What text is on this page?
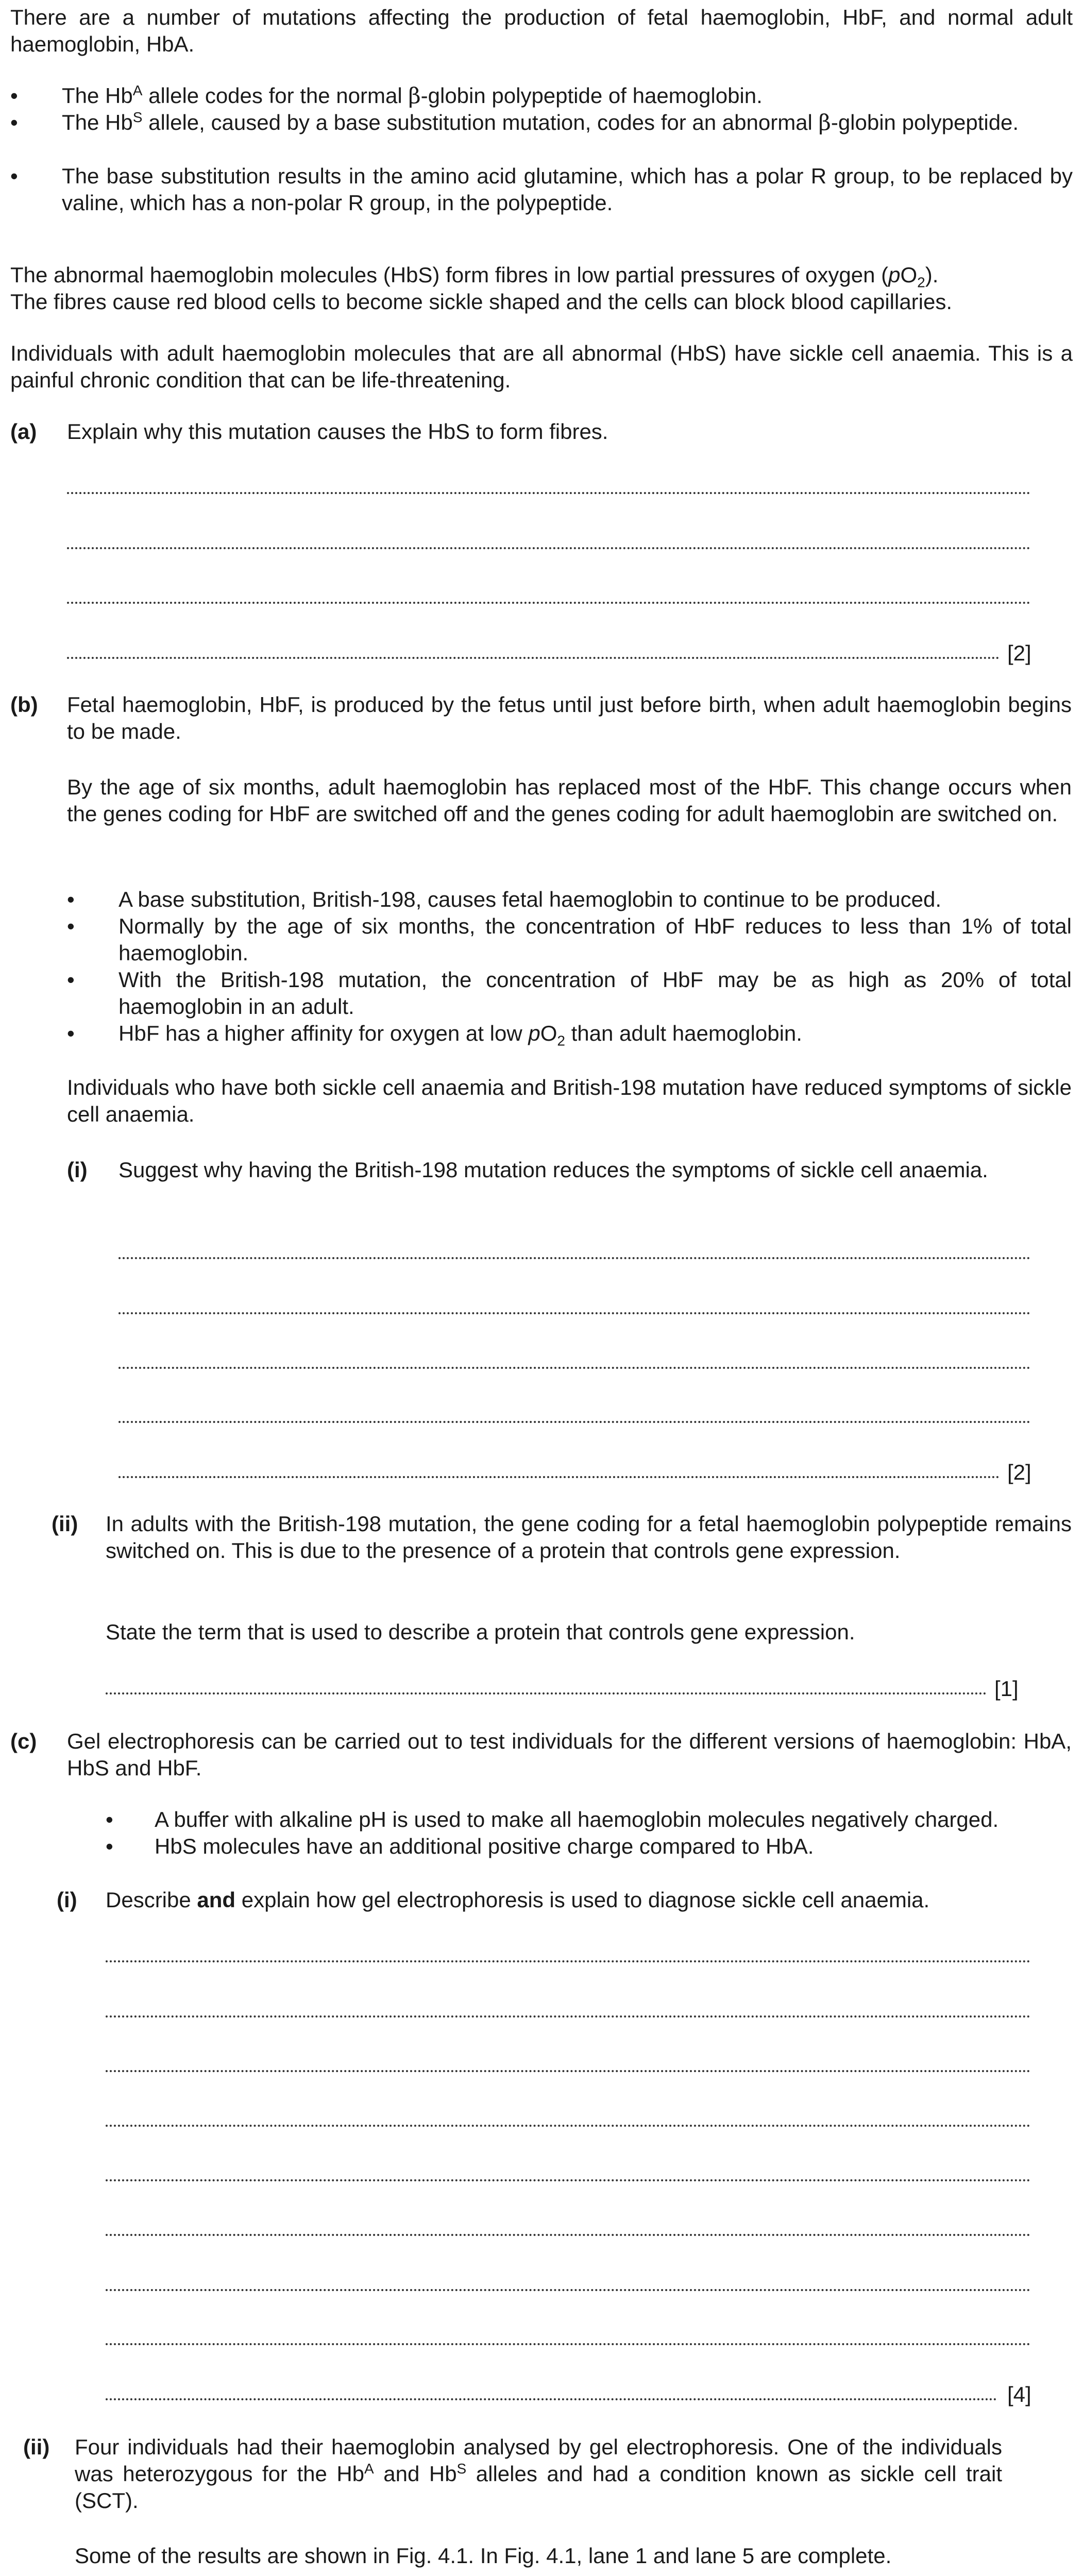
There are a number of mutations affecting the production of fetal haemoglobin, HbF, and normal adult haemoglobin, HbA.

•	The $Hb^A$ allele codes for the normal β-globin polypeptide of haemoglobin.
•	The $Hb^S$ allele, caused by a base substitution mutation, codes for an abnormal β-globin polypeptide.
•	The base substitution results in the amino acid glutamine, which has a polar R group, to be replaced by valine, which has a non-polar R group, in the polypeptide.

The abnormal haemoglobin molecules (HbS) form fibres in low partial pressures of oxygen $(pO_2)$.
The fibres cause red blood cells to become sickle shaped and the cells can block blood capillaries.

Individuals with adult haemoglobin molecules that are all abnormal (HbS) have sickle cell anaemia. This is a painful chronic condition that can be life-threatening.

(a) Explain why this mutation causes the HbS to form fibres.

[2]
(b) Fetal haemoglobin, HbF, is produced by the fetus until just before birth, when adult haemoglobin begins to be made.

By the age of six months, adult haemoglobin has replaced most of the HbF. This change occurs when the genes coding for HbF are switched off and the genes coding for adult haemoglobin are switched on.

•	A base substitution, British-198, causes fetal haemoglobin to continue to be produced.
•	Normally by the age of six months, the concentration of HbF reduces to less than 1% of total haemoglobin.
•	With the British-198 mutation, the concentration of HbF may be as high as 20% of total haemoglobin in an adult.
•	HbF has a higher affinity for oxygen at low $pO_2$ than adult haemoglobin.

Individuals who have both sickle cell anaemia and British-198 mutation have reduced symptoms of sickle cell anaemia.

(i) Suggest why having the British-198 mutation reduces the symptoms of sickle cell anaemia.

[2]
(ii) In adults with the British-198 mutation, the gene coding for a fetal haemoglobin polypeptide remains switched on. This is due to the presence of a protein that controls gene expression.

State the term that is used to describe a protein that controls gene expression.

[1]
(c) Gel electrophoresis can be carried out to test individuals for the different versions of haemoglobin: HbA, HbS and HbF.

•	A buffer with alkaline pH is used to make all haemoglobin molecules negatively charged.
•	HbS molecules have an additional positive charge compared to HbA.
(i) Describe and explain how gel electrophoresis is used to diagnose sickle cell anaemia.

[4]
(ii) Four individuals had their haemoglobin analysed by gel electrophoresis. One of the individuals was heterozygous for the $Hb^A$ and $Hb^S$ alleles and had a condition known as sickle cell trait (SCT).

Some of the results are shown in Fig. 4.1. In Fig. 4.1, lane 1 and lane 5 are complete.
